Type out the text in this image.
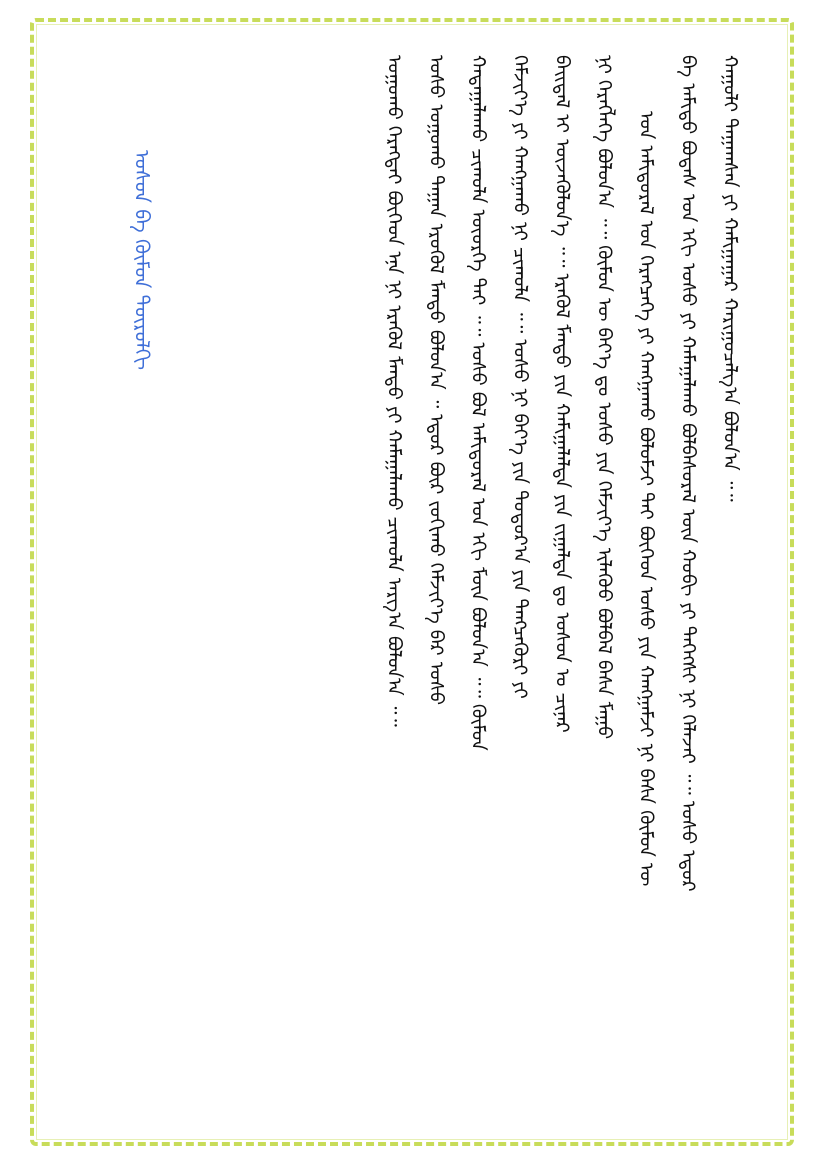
ᠤᠰᠤᠨ ᠪᠠ ᠬᠦᠮᠦᠨ ᠲᠥᠷᠥᠯᠬᠢ	ᠬᠠᠭᠤᠯᠢ ᠳᠠᠭᠠᠭᠰᠠᠨ ᠶᠢ ᠬᠠᠮᠢᠭᠠᠭᠠᠷ ᠬᠠᠷᠢᠭᠤᠴᠠᠯᠭ᠎ᠠ ᠪᠣᠯᠤᠨ᠎ᠠ ᠃᠃
ᠪᠠ ᠠᠮᠢᠳᠤ ᠪᠣᠳᠠᠰ ᠤᠨ ᠡᠬᠢ ᠤᠰᠤ ᠶᠢ ᠬᠠᠮᠠᠭᠠᠯᠠᠬᠤ ᠪᠣᠯᠪᠠᠰᠤᠷᠠᠯ ᠦᠨ ᠬᠤᠪᠢ ᠶᠢ ᠳᠡᠭᠡᠭᠰᠢ ᠨᠢ ᠬᠡᠯᠡᠵᠡᠢ ᠃᠃ ᠤᠰᠤ ᠡᠳᠦᠷ
ᠤᠨ ᠠᠮᠢᠳᠤᠷᠠᠯ ᠤᠨ ᠬᠡᠷᠡᠭᠴᠡᠭᠡ ᠶᠢ ᠬᠠᠩᠭᠠᠬᠤ ᠪᠣᠯᠤᠮᠵᠢ ᠲᠠᠢ ᠪᠥᠭᠡᠳ ᠤᠰᠤ ᠶᠢᠨ ᠬᠠᠩᠭᠠᠮᠵᠢ ᠨᠢ ᠪᠠᠰᠠ ᠬᠦᠮᠦᠨ ᠦ
ᠨᠢ ᠬᠡᠷᠡᠭᠯᠡᠭᠡ ᠪᠣᠯᠤᠨ᠎ᠠ ᠃᠃ ᠬᠦᠮᠦᠨ ᠦ ᠪᠡᠶ᠎ᠡ ᠳᠤ ᠤᠰᠤ ᠶᠢᠨ ᠬᠡᠮᠵᠢᠶ᠎ᠡ ᠢᠯᠡᠭᠦᠦ ᠪᠣᠯᠪᠠᠯ ᠪᠠᠰᠠ ᠮᠠᠭᠤ
ᠪᠠᠢᠳᠠᠯ ᠢ ᠦᠵᠡᠭᠦᠯᠦᠨ᠎ᠡ ᠃᠃ ᠡᠷᠡᠭᠦᠯ ᠮᠡᠨᠳᠦ ᠶᠢᠨ ᠬᠠᠮᠢᠭᠠᠯᠠᠯᠲᠠ ᠶᠢᠨ ᠵᠢᠭᠠᠯᠲᠠ ᠳᠤ ᠤᠰᠤᠨ ᠤ ᠴᠢᠨᠠᠷ
ᠬᠡᠮᠵᠢᠶ᠎ᠡ ᠶᠢ ᠬᠠᠩᠭᠠᠬᠤ ᠨᠢ ᠴᠢᠬᠤᠯᠠ ᠃᠃ ᠤᠰᠤ ᠨᠢ ᠪᠡᠶ᠎ᠡ ᠶᠢᠨ ᠳᠣᠲᠣᠷ᠎ᠠ ᠶᠢᠨ ᠲᠡᠩᠴᠡᠭᠦᠷᠢ ᠶᠢ
ᠬᠠᠳᠠᠭᠠᠯᠠᠬᠤ ᠴᠢᠬᠤᠯᠠ ᠦᠦᠷᠭᠡ ᠲᠠᠢ ᠃᠃ ᠤᠰᠤ ᠪᠣᠯ ᠠᠮᠢᠳᠤᠷᠠᠯ ᠤᠨ ᠡᠬᠢ ᠮᠥᠨ ᠪᠣᠯᠤᠨ᠎ᠠ ᠃᠃ ᠬᠦᠮᠦᠨ
ᠤᠰᠤ ᠤᠭᠤᠬᠤ ᠳᠠᠭᠠᠨ ᠡᠷᠦᠬᠦᠯ ᠮᠡᠨᠳᠦ ᠪᠣᠯᠤᠨ᠎ᠠ ᠃ ᠡᠳᠦᠷ ᠪᠦᠷ ᠵᠣᠬᠢᠬᠤ ᠬᠡᠮᠵᠢᠶ᠎ᠡ ᠪᠡᠷ ᠤᠰᠤ
ᠤᠭᠤᠬᠤ ᠬᠡᠷᠡᠭᠲᠡᠢ ᠪᠥᠭᠡᠳ ᠡᠨᠡ ᠨᠢ ᠡᠷᠡᠭᠦᠯ ᠮᠡᠨᠳᠦ ᠶᠢ ᠬᠠᠮᠠᠭᠠᠯᠠᠬᠤ ᠴᠢᠬᠤᠯᠠ ᠠᠷᠭ᠎ᠠ ᠪᠣᠯᠤᠨ᠎ᠠ ᠃᠃
